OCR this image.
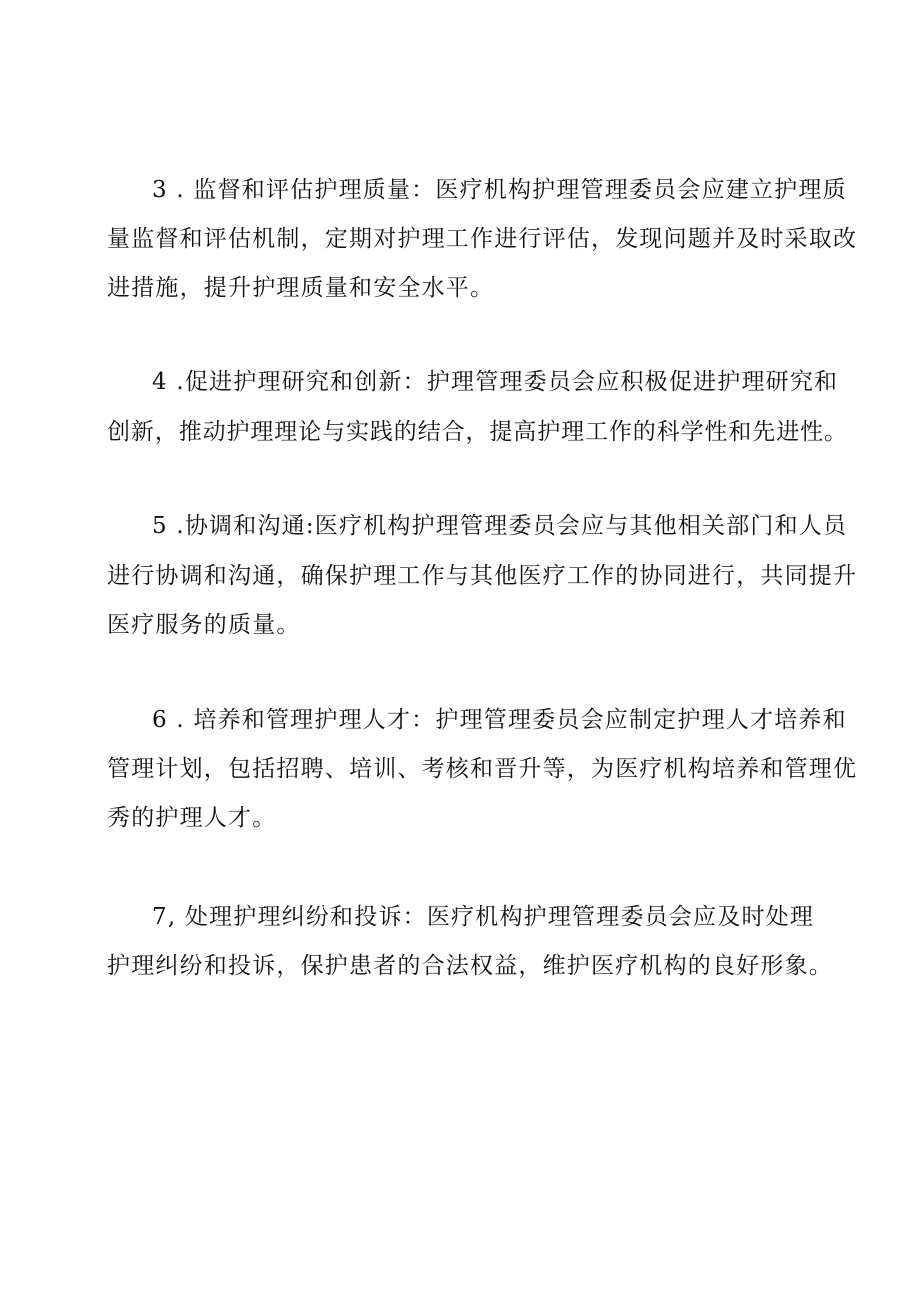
3 . 监督和评估护理质量：医疗机构护理管理委员会应建立护理质
量监督和评估机制，定期对护理工作进行评估，发现问题并及时采取改
进措施，提升护理质量和安全水平。
4 .促进护理研究和创新：护理管理委员会应积极促进护理研究和
创新，推动护理理论与实践的结合，提高护理工作的科学性和先进性。
5 .协调和沟通:医疗机构护理管理委员会应与其他相关部门和人员
进行协调和沟通，确保护理工作与其他医疗工作的协同进行，共同提升
医疗服务的质量。
6 . 培养和管理护理人才：护理管理委员会应制定护理人才培养和
管理计划，包括招聘、培训、考核和晋升等，为医疗机构培养和管理优
秀的护理人才。
7, 处理护理纠纷和投诉：医疗机构护理管理委员会应及时处理
护理纠纷和投诉，保护患者的合法权益，维护医疗机构的良好形象。
